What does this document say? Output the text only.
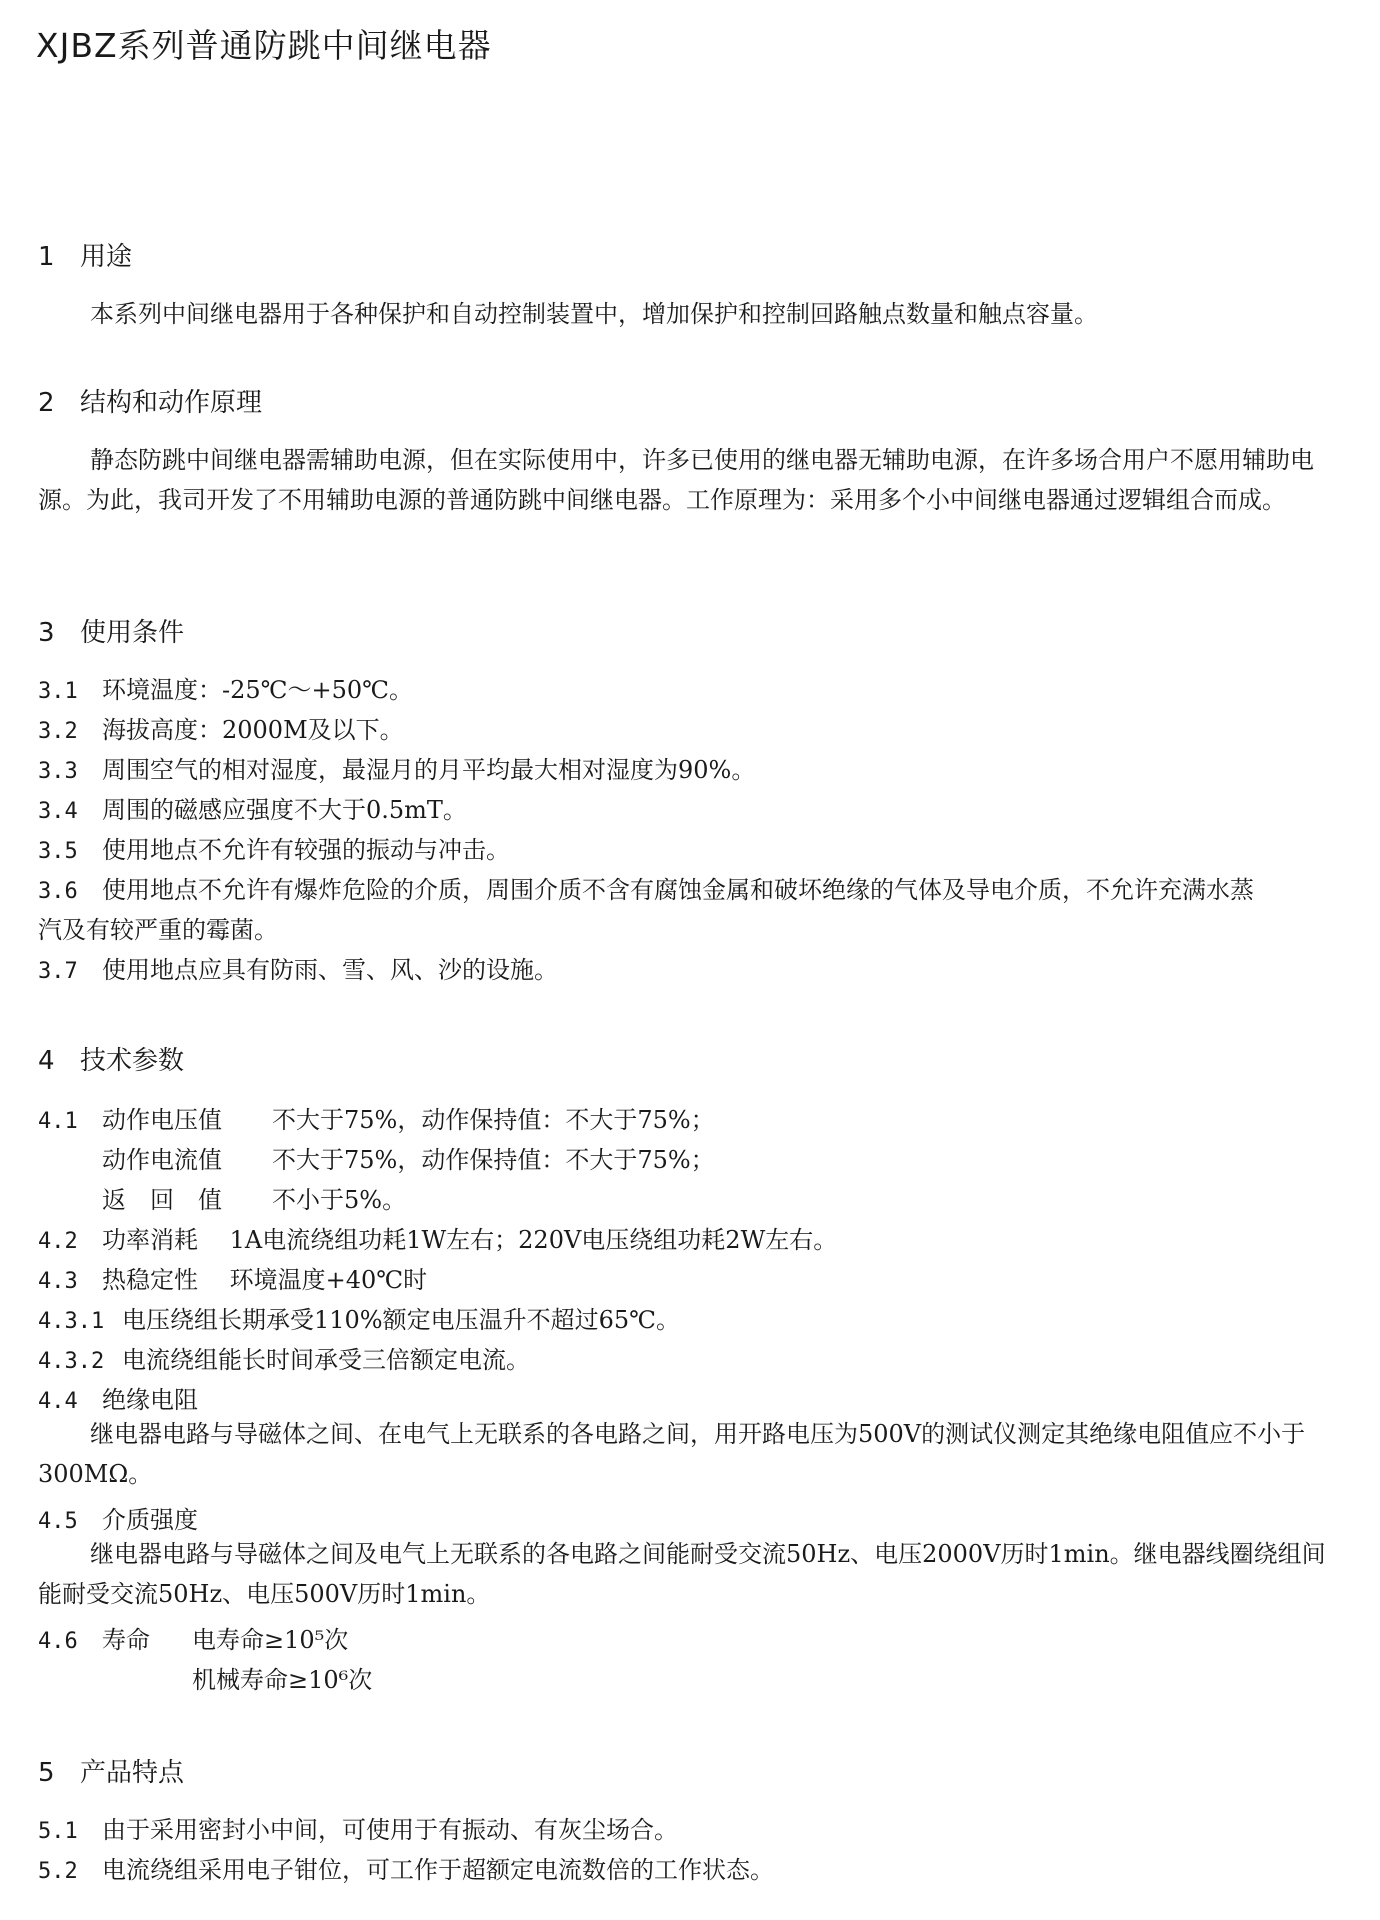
XJBZ系列普通防跳中间继电器
1 用途
本系列中间继电器用于各种保护和自动控制装置中，增加保护和控制回路触点数量和触点容量。
2 结构和动作原理
静态防跳中间继电器需辅助电源，但在实际使用中，许多已使用的继电器无辅助电源，在许多场合用户不愿用辅助电源。为此，我司开发了不用辅助电源的普通防跳中间继电器。工作原理为：采用多个小中间继电器通过逻辑组合而成。
3 使用条件
3.1 环境温度：-25℃～+50℃。
3.2 海拔高度：2000M及以下。
3.3 周围空气的相对湿度，最湿月的月平均最大相对湿度为90%。
3.4 周围的磁感应强度不大于0.5mT。
3.5 使用地点不允许有较强的振动与冲击。
3.6 使用地点不允许有爆炸危险的介质，周围介质不含有腐蚀金属和破坏绝缘的气体及导电介质，不允许充满水蒸
汽及有较严重的霉菌。
3.7 使用地点应具有防雨、雪、风、沙的设施。
4 技术参数
4.1 动作电压值 不大于75%，动作保持值：不大于75%；
动作电流值 不大于75%，动作保持值：不大于75%；
返　回　值 不小于5%。
4.2 功率消耗　 1A电流绕组功耗1W左右；220V电压绕组功耗2W左右。
4.3 热稳定性　 环境温度+40℃时
4.3.1 电压绕组长期承受110%额定电压温升不超过65℃。
4.3.2 电流绕组能长时间承受三倍额定电流。
4.4 绝缘电阻
继电器电路与导磁体之间、在电气上无联系的各电路之间，用开路电压为500V的测试仪测定其绝缘电阻值应不小于300MΩ。
4.5 介质强度
继电器电路与导磁体之间及电气上无联系的各电路之间能耐受交流50Hz、电压2000V历时1min。继电器线圈绕组间能耐受交流50Hz、电压500V历时1min。
4.6 寿命 电寿命≥10⁵次
机械寿命≥10⁶次
5 产品特点
5.1 由于采用密封小中间，可使用于有振动、有灰尘场合。
5.2 电流绕组采用电子钳位，可工作于超额定电流数倍的工作状态。
